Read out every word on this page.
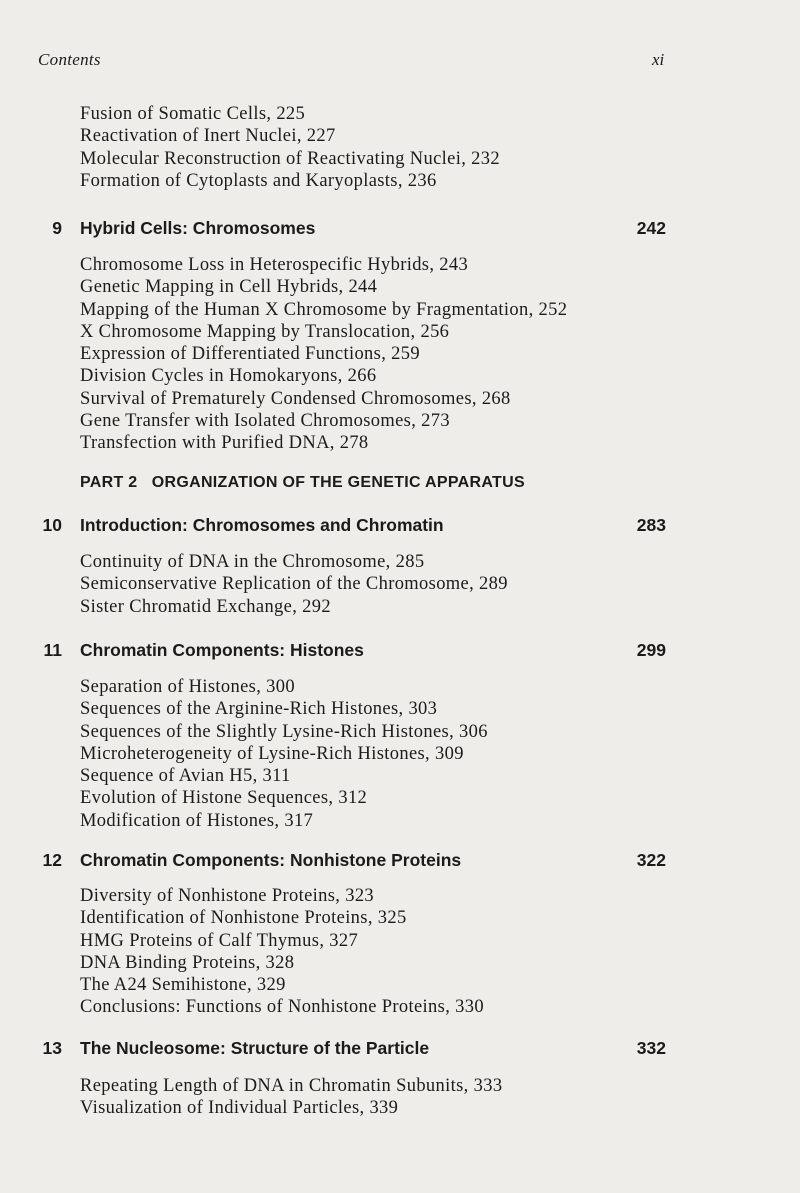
Contents	xi
Fusion of Somatic Cells, 225
Reactivation of Inert Nuclei, 227
Molecular Reconstruction of Reactivating Nuclei, 232
Formation of Cytoplasts and Karyoplasts, 236
9 Hybrid Cells: Chromosomes	242
Chromosome Loss in Heterospecific Hybrids, 243
Genetic Mapping in Cell Hybrids, 244
Mapping of the Human X Chromosome by Fragmentation, 252
X Chromosome Mapping by Translocation, 256
Expression of Differentiated Functions, 259
Division Cycles in Homokaryons, 266
Survival of Prematurely Condensed Chromosomes, 268
Gene Transfer with Isolated Chromosomes, 273
Transfection with Purified DNA, 278
PART 2   ORGANIZATION OF THE GENETIC APPARATUS
10 Introduction: Chromosomes and Chromatin	283
Continuity of DNA in the Chromosome, 285
Semiconservative Replication of the Chromosome, 289
Sister Chromatid Exchange, 292
11 Chromatin Components: Histones	299
Separation of Histones, 300
Sequences of the Arginine-Rich Histones, 303
Sequences of the Slightly Lysine-Rich Histones, 306
Microheterogeneity of Lysine-Rich Histones, 309
Sequence of Avian H5, 311
Evolution of Histone Sequences, 312
Modification of Histones, 317
12 Chromatin Components: Nonhistone Proteins	322
Diversity of Nonhistone Proteins, 323
Identification of Nonhistone Proteins, 325
HMG Proteins of Calf Thymus, 327
DNA Binding Proteins, 328
The A24 Semihistone, 329
Conclusions: Functions of Nonhistone Proteins, 330
13 The Nucleosome: Structure of the Particle	332
Repeating Length of DNA in Chromatin Subunits, 333
Visualization of Individual Particles, 339
